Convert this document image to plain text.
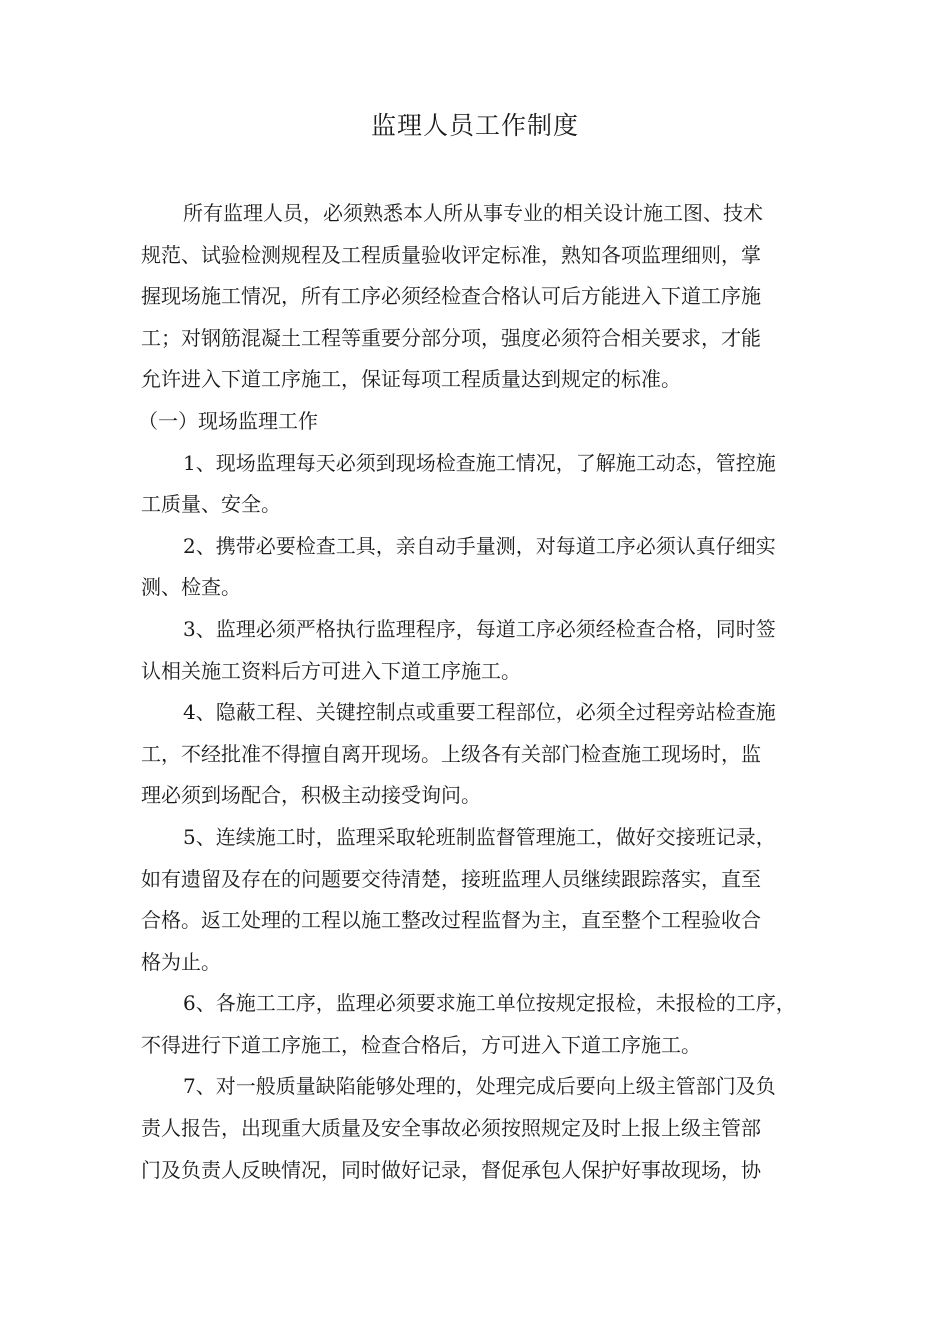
监理人员工作制度
所有监理人员，必须熟悉本人所从事专业的相关设计施工图、技术
规范、试验检测规程及工程质量验收评定标准，熟知各项监理细则，掌
握现场施工情况，所有工序必须经检查合格认可后方能进入下道工序施
工；对钢筋混凝土工程等重要分部分项，强度必须符合相关要求，才能
允许进入下道工序施工，保证每项工程质量达到规定的标准。
（一）现场监理工作
1、现场监理每天必须到现场检查施工情况，了解施工动态，管控施
工质量、安全。
2、携带必要检查工具，亲自动手量测，对每道工序必须认真仔细实
测、检查。
3、监理必须严格执行监理程序，每道工序必须经检查合格，同时签
认相关施工资料后方可进入下道工序施工。
4、隐蔽工程、关键控制点或重要工程部位，必须全过程旁站检查施
工，不经批准不得擅自离开现场。上级各有关部门检查施工现场时，监
理必须到场配合，积极主动接受询问。
5、连续施工时，监理采取轮班制监督管理施工，做好交接班记录，
如有遗留及存在的问题要交待清楚，接班监理人员继续跟踪落实，直至
合格。返工处理的工程以施工整改过程监督为主，直至整个工程验收合
格为止。
6、各施工工序，监理必须要求施工单位按规定报检，未报检的工序，
不得进行下道工序施工，检查合格后，方可进入下道工序施工。
7、对一般质量缺陷能够处理的，处理完成后要向上级主管部门及负
责人报告，出现重大质量及安全事故必须按照规定及时上报上级主管部
门及负责人反映情况，同时做好记录，督促承包人保护好事故现场，协
